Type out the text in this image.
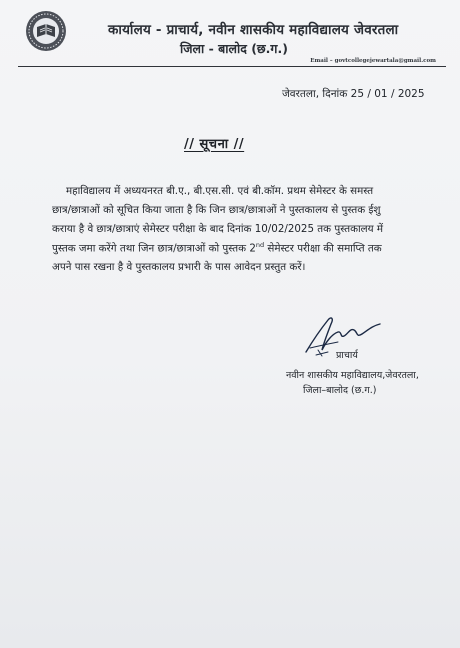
कार्यालय - प्राचार्य, नवीन शासकीय महाविद्यालय जेवरतला
जिला - बालोद (छ.ग.)
Email – govtcollegejewartala@gmail.com
जेवरतला, दिनांक 25 / 01 / 2025
// सूचना //
महाविद्यालय में अध्ययनरत बी.ए., बी.एस.सी. एवं बी.कॉम. प्रथम सेमेस्टर के समस्त
छात्र/छात्राओं को सूचित किया जाता है कि जिन छात्र/छात्राओं ने पुस्तकालय से पुस्तक ईशु
कराया है वे छात्र/छात्राएं सेमेस्टर परीक्षा के बाद दिनांक 10/02/2025 तक पुस्तकालय में
पुस्तक जमा करेंगे तथा जिन छात्र/छात्राओं को पुस्तक 2nd सेमेस्टर परीक्षा की समाप्ति तक
अपने पास रखना है वे पुस्तकालय प्रभारी के पास आवेदन प्रस्तुत करें।
प्राचार्य
नवीन शासकीय महाविद्यालय,जेवरतला,
जिला–बालोद (छ.ग.)
